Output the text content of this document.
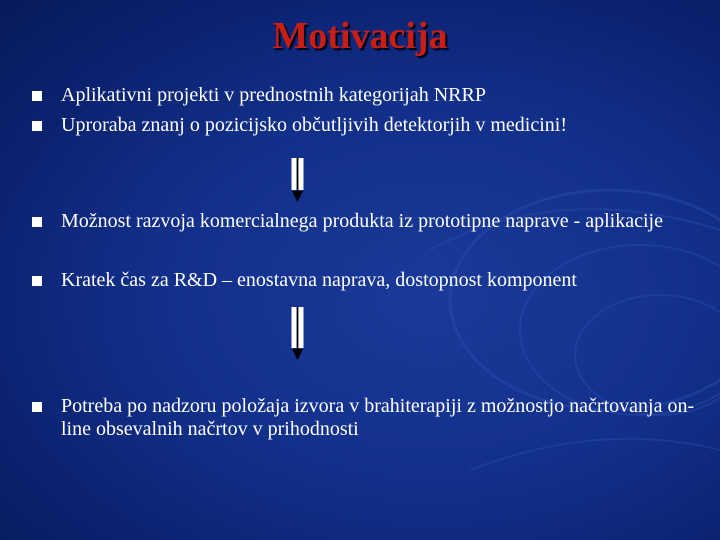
Motivacija
Aplikativni projekti v prednostnih kategorijah NRRP
Uproraba znanj o pozicijsko občutljivih detektorjih v medicini!
Možnost razvoja komercialnega produkta iz prototipne naprave - aplikacije
Kratek čas za R&D – enostavna naprava, dostopnost komponent
Potreba po nadzoru položaja izvora v brahiterapiji z možnostjo načrtovanja on-line obsevalnih načrtov v prihodnosti
